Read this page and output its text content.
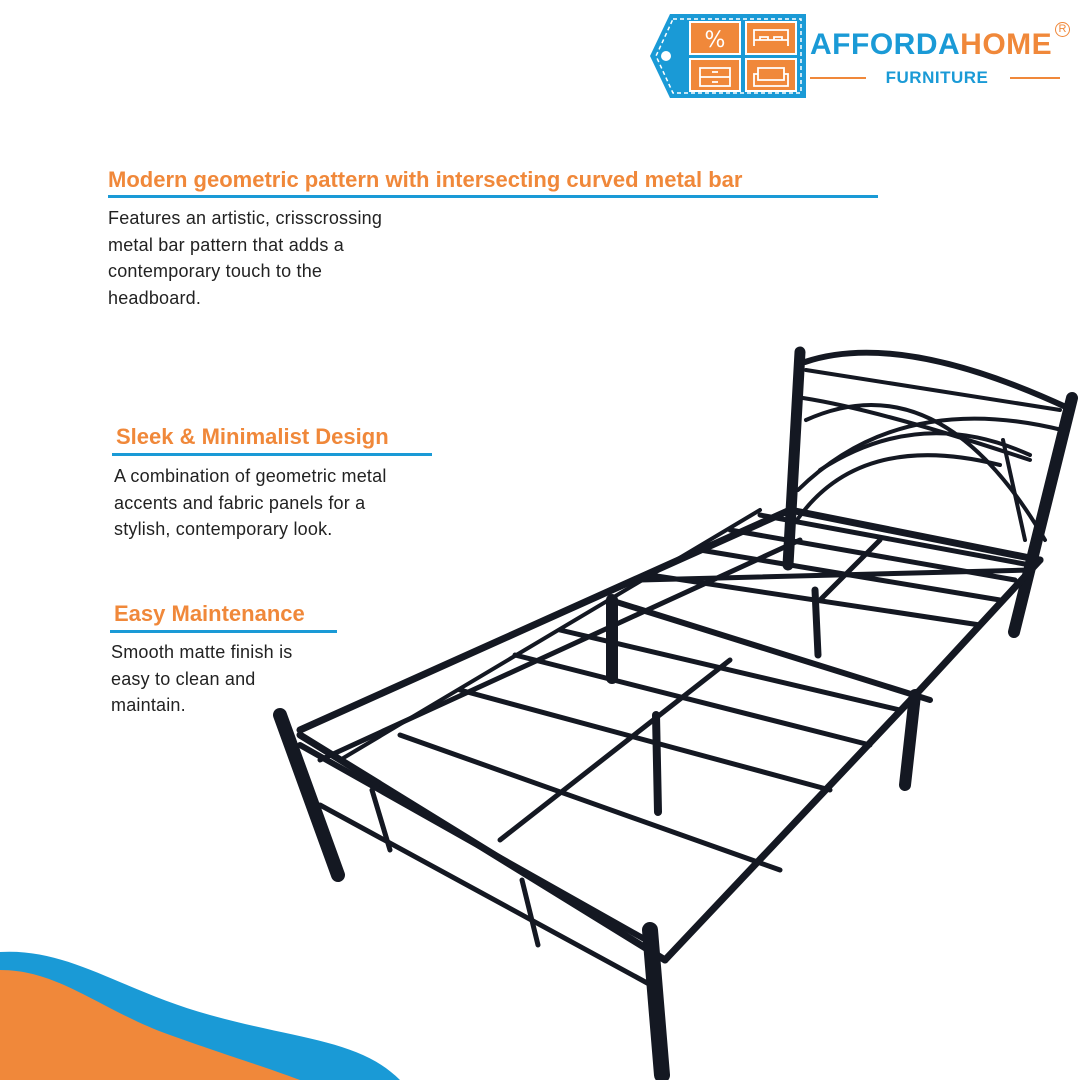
%	AFFORDAHOME R
FURNITURE
Modern geometric pattern with intersecting curved metal bar
Features an artistic, crisscrossing
metal bar pattern that adds a
contemporary touch to the
headboard.
Sleek & Minimalist Design
A combination of geometric metal
accents and fabric panels for a
stylish, contemporary look.
Easy Maintenance
Smooth matte finish is
easy to clean and
maintain.
